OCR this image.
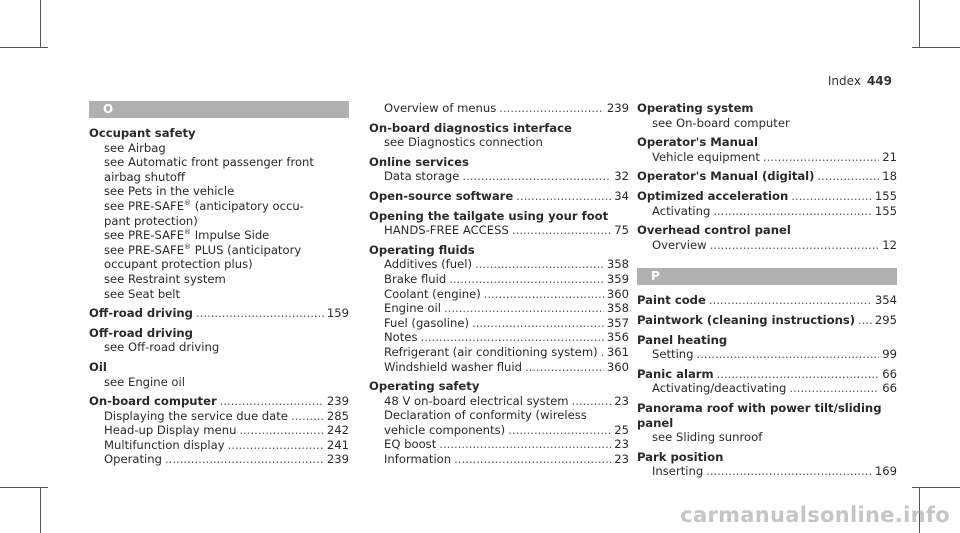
Index 449
O
Occupant safety
see Airbag
see Automatic front passenger front
airbag shutoff
see Pets in the vehicle
see PRE-SAFE® (anticipatory occu-
pant protection)
see PRE-SAFE® Impulse Side
see PRE-SAFE® PLUS (anticipatory
occupant protection plus)
see Restraint system
see Seat belt
Off-road driving .....	159
Off-road driving
see Off-road driving
Oil
see Engine oil
On-board computer .....	239
Displaying the service due date .....	285
Head-up Display menu .....	242
Multifunction display .....	241
Operating .....	239
Overview of menus .....	239
On-board diagnostics interface
see Diagnostics connection
Online services
Data storage .....	32
Open-source software .....	34
Opening the tailgate using your foot
HANDS-FREE ACCESS .....	75
Operating fluids
Additives (fuel) .....	358
Brake fluid .....	359
Coolant (engine) .....	360
Engine oil .....	358
Fuel (gasoline) .....	357
Notes .....	356
Refrigerant (air conditioning system) ..... 361
Windshield washer fluid .....	360
Operating safety
48 V on-board electrical system .....	23
Declaration of conformity (wireless
vehicle components) .....	25
EQ boost .....	23
Information .....	23
Operating system
see On-board computer
Operator's Manual
Vehicle equipment .....	21
Operator's Manual (digital) .....	18
Optimized acceleration .....	155
Activating .....	155
Overhead control panel
Overview .....	12
P
Paint code .....	354
Paintwork (cleaning instructions) ..... 295
Panel heating
Setting .....	99
Panic alarm .....	66
Activating/deactivating .....	66
Panorama roof with power tilt/sliding
panel
see Sliding sunroof
Park position
Inserting .....	169
carmanualsonline.info
